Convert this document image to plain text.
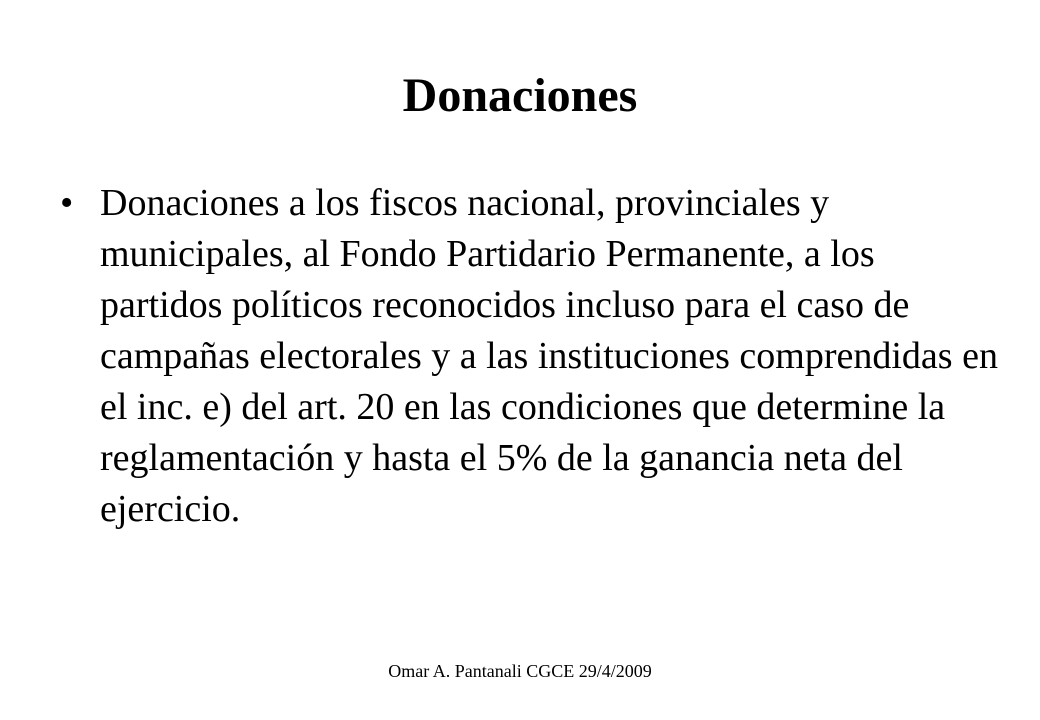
Donaciones
• Donaciones a los fiscos nacional, provinciales y municipales, al Fondo Partidario Permanente, a los partidos políticos reconocidos incluso para el caso de campañas electorales y a las instituciones comprendidas en el inc. e) del art. 20 en las condiciones que determine la reglamentación y hasta el 5% de la ganancia neta del ejercicio.
Omar A. Pantanali CGCE 29/4/2009
